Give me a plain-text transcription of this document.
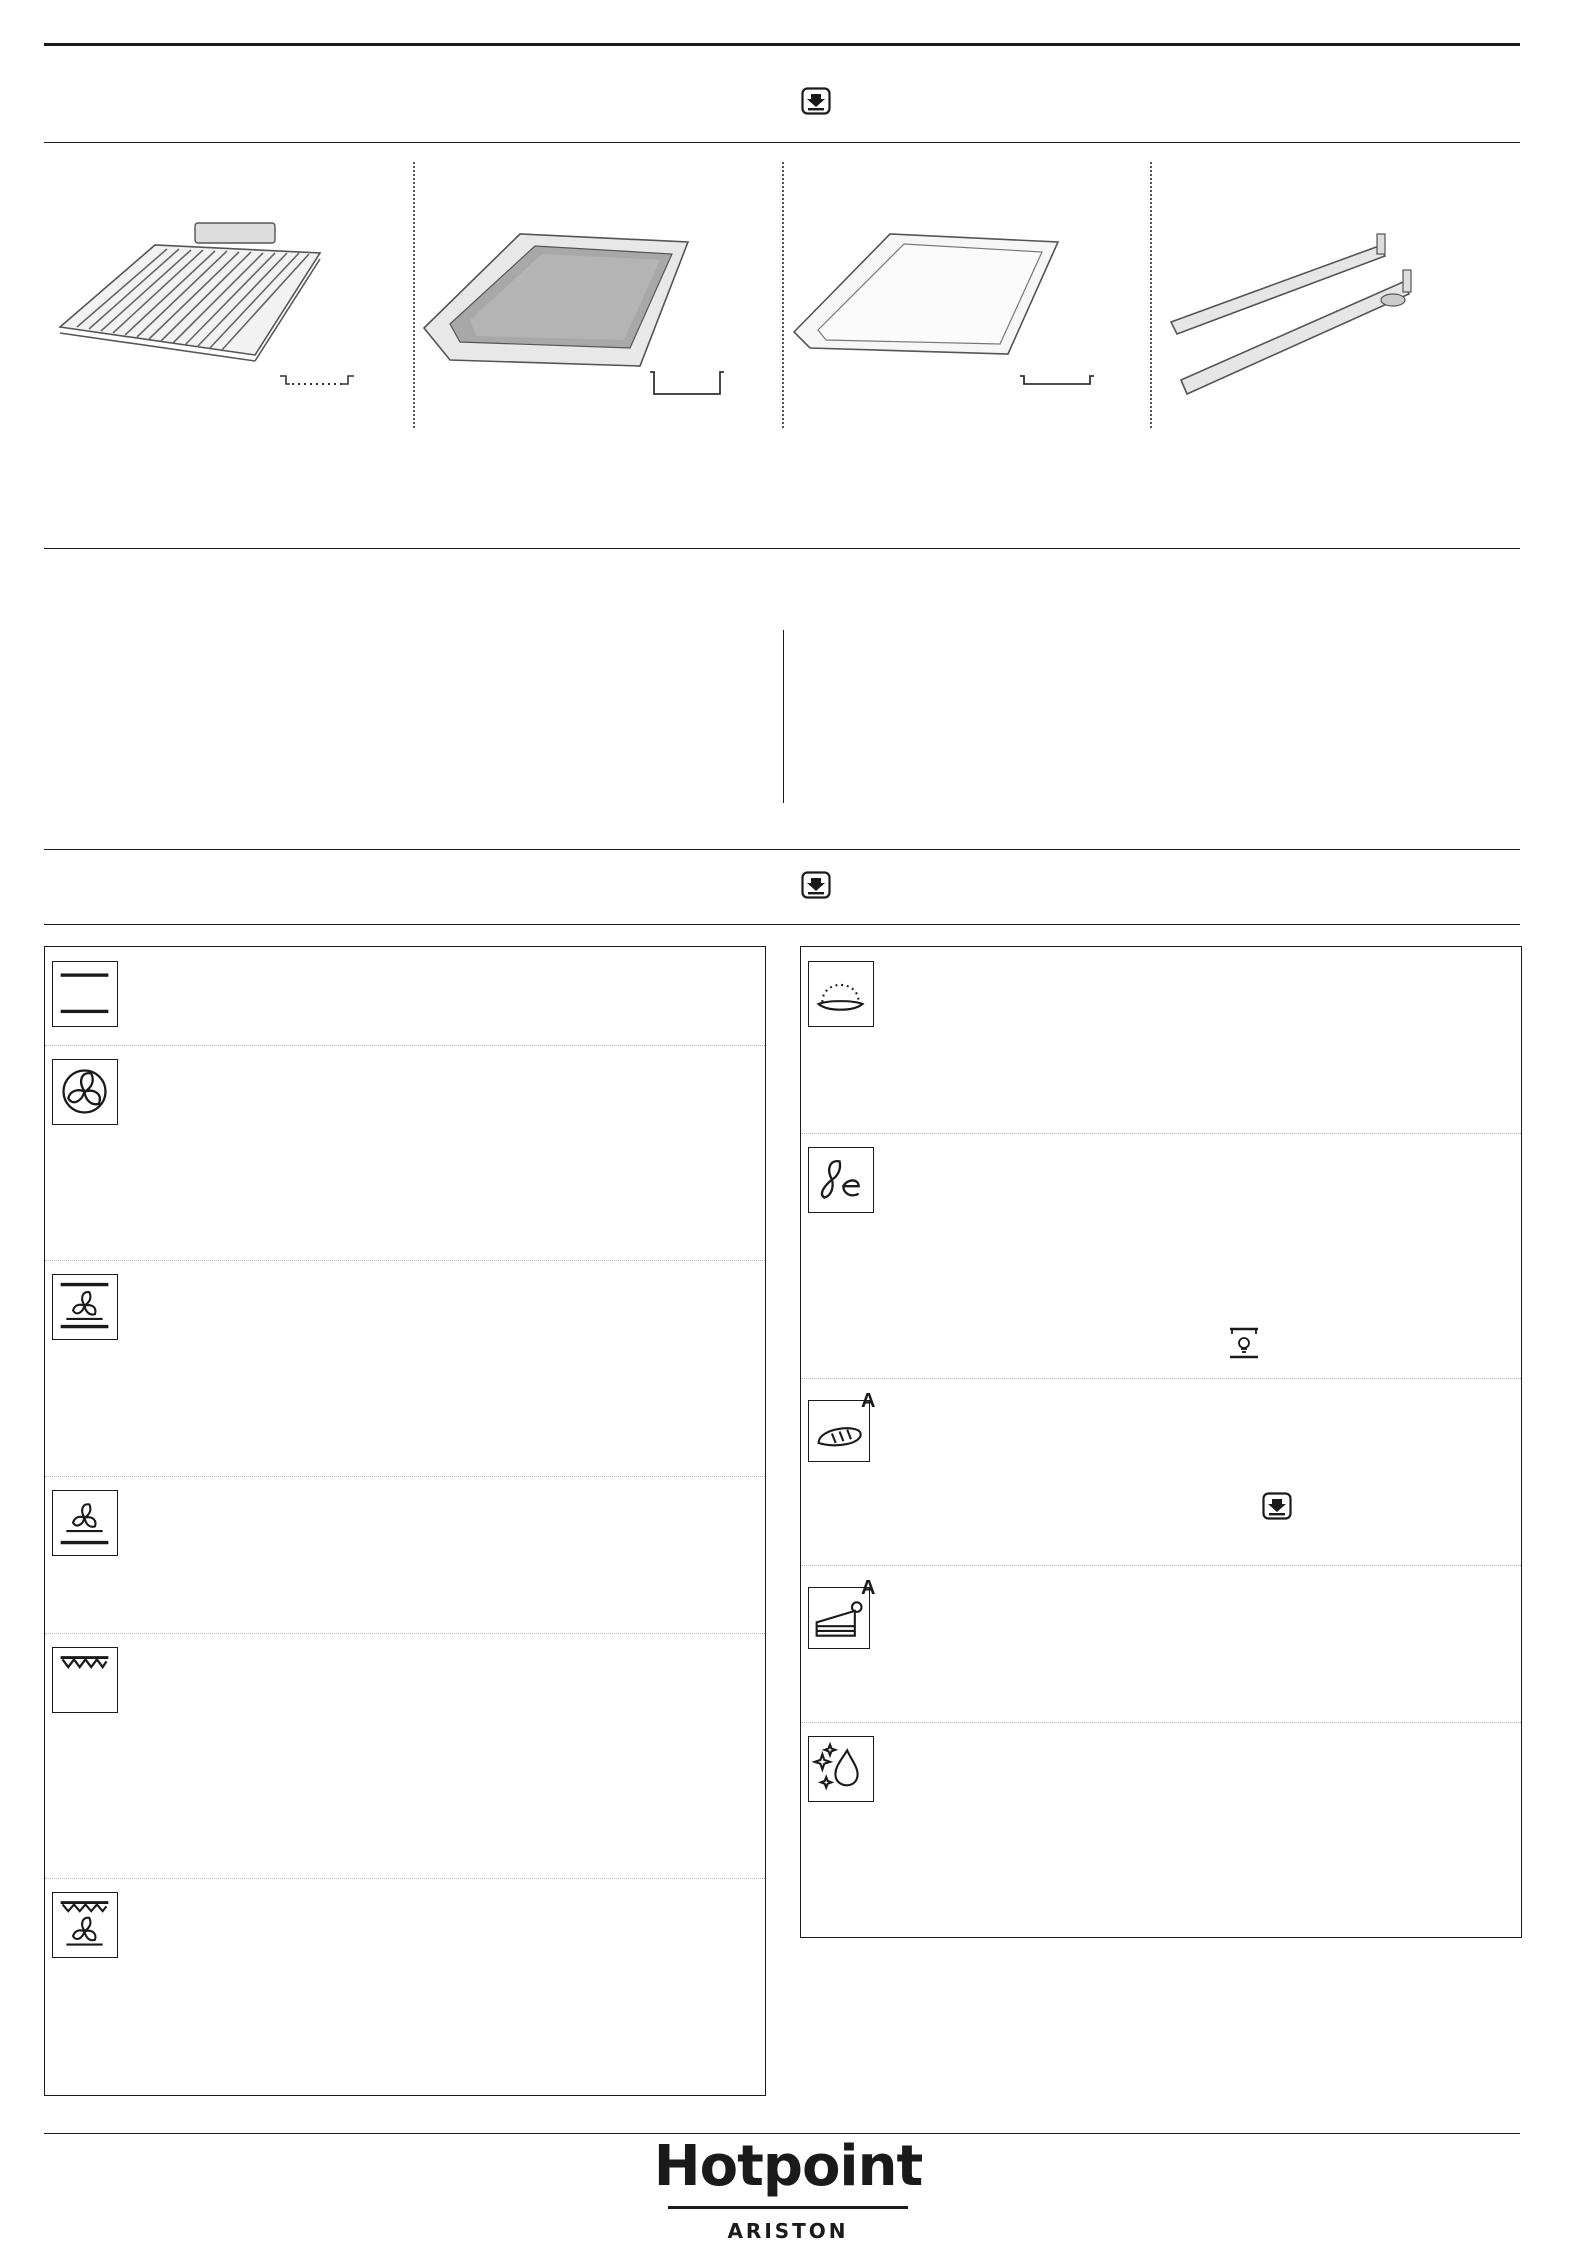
A
A
Hotpoint
ARISTON
